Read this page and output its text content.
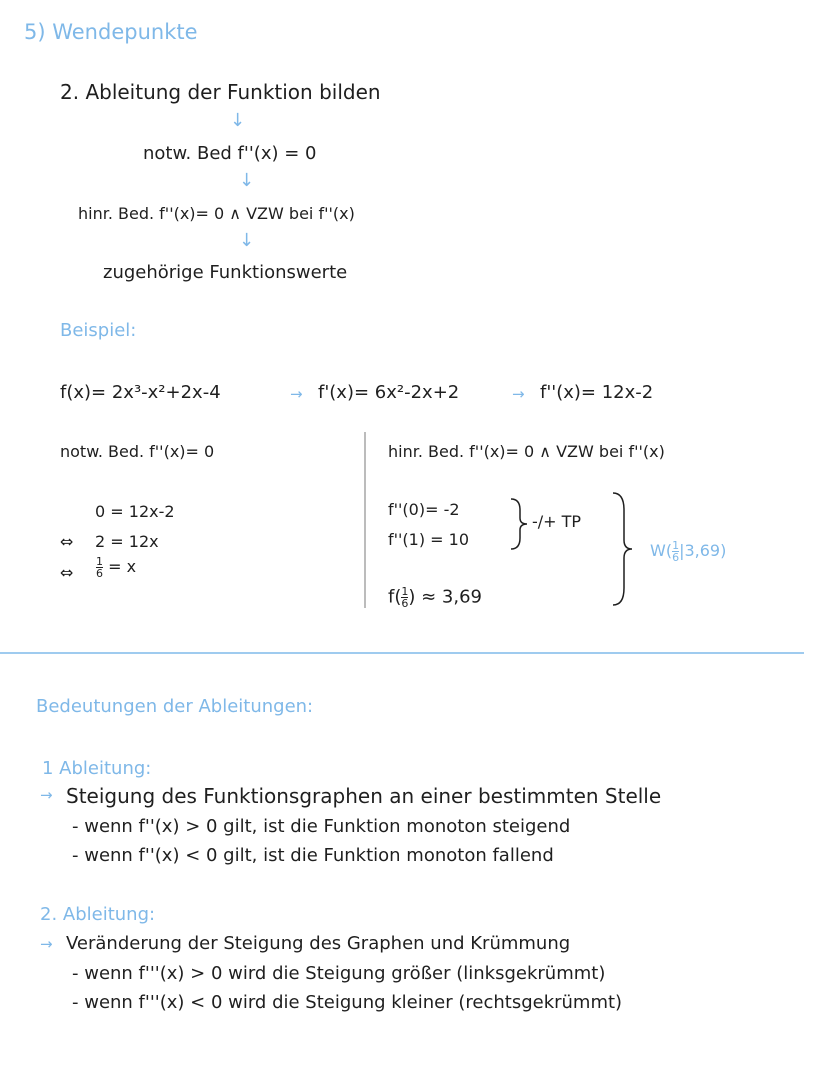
5) Wendepunkte
2. Ableitung der Funktion bilden
↓
notw. Bed f''(x) = 0
↓
hinr. Bed. f''(x)= 0 ∧ VZW bei f''(x)
↓
zugehörige Funktionswerte
Beispiel:
f(x)= 2x³-x²+2x-4	→ f'(x)= 6x²-2x+2	→ f''(x)= 12x-2
notw. Bed. f''(x)= 0
0 = 12x-2
⇔ 2 = 12x
⇔ $\frac{1}{6} = x$
hinr. Bed. f''(x)= 0 ∧ VZW bei f''(x)
f''(0)= -2
f''(1) = 10
-/+ TP
$f( \frac{1}{6}$ ) ≈ 3,69
$W( \frac{1}{6} |3,69)$
Bedeutungen der Ableitungen:
1 Ableitung:
→ Steigung des Funktionsgraphen an einer bestimmten Stelle
- wenn f''(x) > 0 gilt, ist die Funktion monoton steigend
- wenn f''(x) < 0 gilt, ist die Funktion monoton fallend
2. Ableitung:
→ Veränderung der Steigung des Graphen und Krümmung
- wenn f'''(x) > 0 wird die Steigung größer (linksgekrümmt)
- wenn f'''(x) < 0 wird die Steigung kleiner (rechtsgekrümmt)
